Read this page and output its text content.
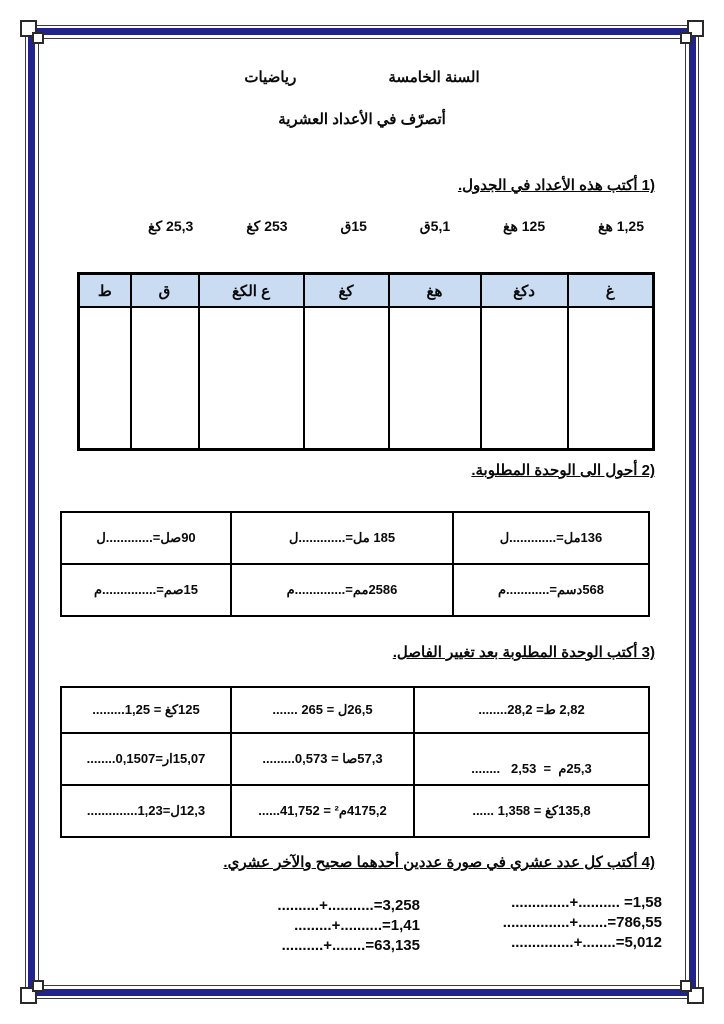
السنة الخامسة
رياضيات
أتصرّف في الأعداد العشرية
‎1)‎ أكتب هذه الأعداد في الجدول.
1,25 هغ
125 هغ
5,1ق
15ق
253 كغ
25,3 كغ
غ	دكغ	هغ	كغ	ع الكغ	ق	ط

‎2)‎ أحول الى الوحدة المطلوبة.
136مل=.............ل	185 مل=.............ل	90صل=.............ل
568دسم=............م	2586مم=..............م	15صم=...............م
‎3)‎ أكتب الوحدة المطلوبة بعد تغيير الفاصل.
2,82 ط= 28,2........	26,5ل = 265 .......	125كغ = 1,25.........
25,3م  =  2,53   ........	57,3صا = 0,573.........	15,07ار=0,1507........
135,8كغ = 1,358 ......	4175,2م² = 41,752......	12,3ل=1,23..............
‎4)‎ أكتب كل عدد عشري في صورة عددين أحدهما صحيح والآخر عشري.
..............+.......... =1,58
................+.......=786,55
...............+........=5,012
..........+...........=3,258
.........+..........=1,41
..........+........=63,135
